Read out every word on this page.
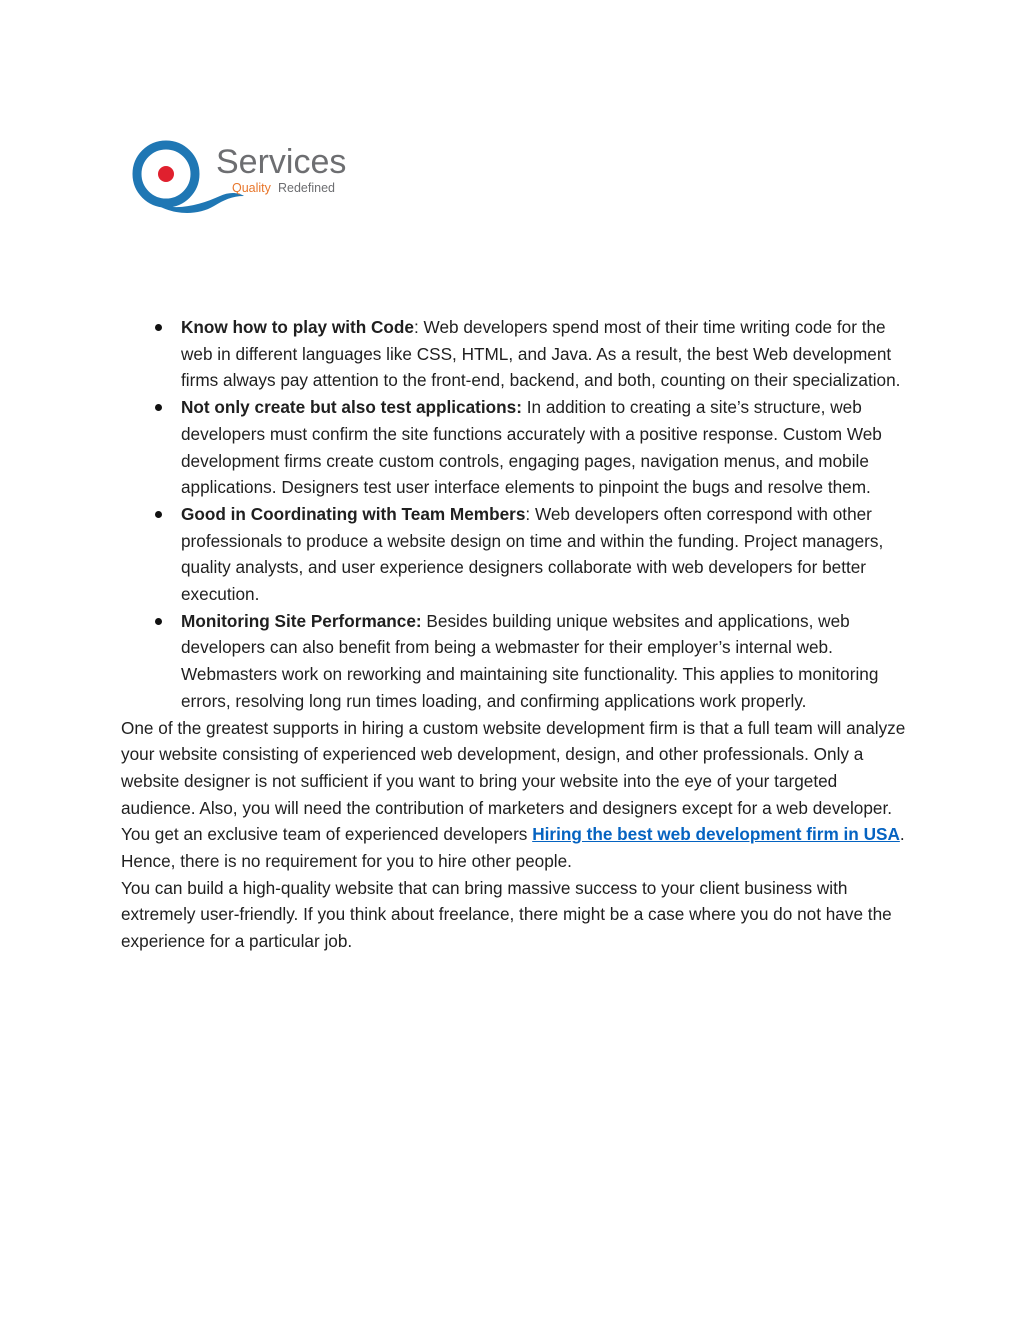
Services
Quality Redefined
Know how to play with Code: Web developers spend most of their time writing code for the web in different languages like CSS, HTML, and Java. As a result, the best Web development firms always pay attention to the front-end, backend, and both, counting on their specialization.
Not only create but also test applications: In addition to creating a site’s structure, web developers must confirm the site functions accurately with a positive response. Custom Web development firms create custom controls, engaging pages, navigation menus, and mobile applications. Designers test user interface elements to pinpoint the bugs and resolve them.
Good in Coordinating with Team Members: Web developers often correspond with other professionals to produce a website design on time and within the funding. Project managers, quality analysts, and user experience designers collaborate with web developers for better execution.
Monitoring Site Performance: Besides building unique websites and applications, web developers can also benefit from being a webmaster for their employer’s internal web. Webmasters work on reworking and maintaining site functionality. This applies to monitoring errors, resolving long run times loading, and confirming applications work properly.

One of the greatest supports in hiring a custom website development firm is that a full team will analyze your website consisting of experienced web development, design, and other professionals. Only a website designer is not sufficient if you want to bring your website into the eye of your targeted audience. Also, you will need the contribution of marketers and designers except for a web developer.

You get an exclusive team of experienced developers Hiring the best web development firm in USA. Hence, there is no requirement for you to hire other people.

You can build a high-quality website that can bring massive success to your client business with extremely user-friendly. If you think about freelance, there might be a case where you do not have the experience for a particular job.
